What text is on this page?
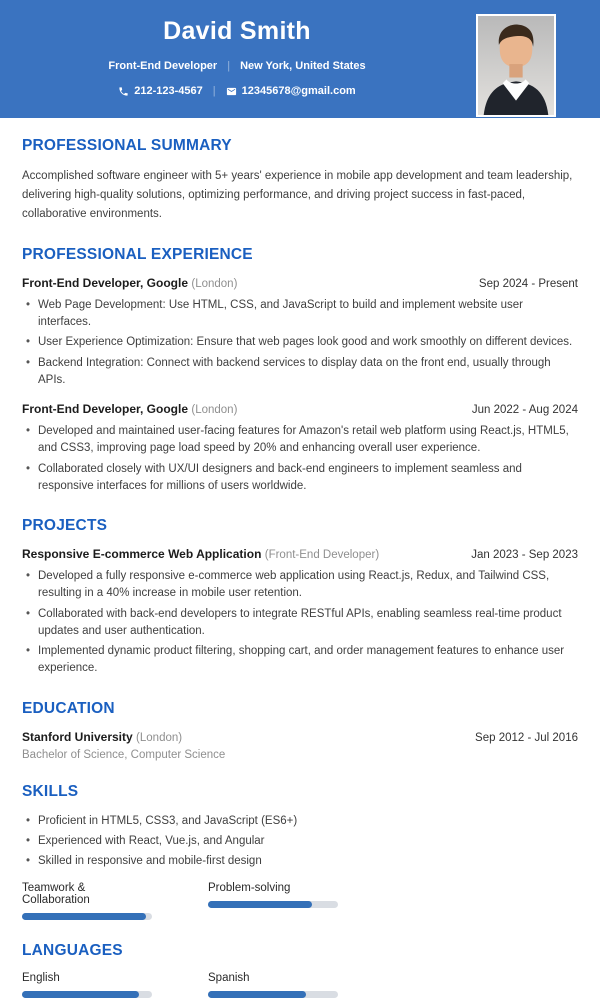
David Smith
Front-End Developer | New York, United States
212-123-4567 | 12345678@gmail.com
PROFESSIONAL SUMMARY

Accomplished software engineer with 5+ years' experience in mobile app development and team leadership, delivering high-quality solutions, optimizing performance, and driving project success in fast-paced, collaborative environments.

PROFESSIONAL EXPERIENCE
Front-End Developer, Google (London)	Sep 2024 - Present
• Web Page Development: Use HTML, CSS, and JavaScript to build and implement website user interfaces.
• User Experience Optimization: Ensure that web pages look good and work smoothly on different devices.
• Backend Integration: Connect with backend services to display data on the front end, usually through APIs.
Front-End Developer, Google (London)	Jun 2022 - Aug 2024
• Developed and maintained user-facing features for Amazon's retail web platform using React.js, HTML5, and CSS3, improving page load speed by 20% and enhancing overall user experience.
• Collaborated closely with UX/UI designers and back-end engineers to implement seamless and responsive interfaces for millions of users worldwide.
PROJECTS
Responsive E-commerce Web Application (Front-End Developer)	Jan 2023 - Sep 2023
• Developed a fully responsive e-commerce web application using React.js, Redux, and Tailwind CSS, resulting in a 40% increase in mobile user retention.
• Collaborated with back-end developers to integrate RESTful APIs, enabling seamless real-time product updates and user authentication.
• Implemented dynamic product filtering, shopping cart, and order management features to enhance user experience.
EDUCATION
Stanford University (London)	Sep 2012 - Jul 2016
Bachelor of Science, Computer Science
SKILLS
• Proficient in HTML5, CSS3, and JavaScript (ES6+)
• Experienced with React, Vue.js, and Angular
• Skilled in responsive and mobile-first design
Teamwork & Collaboration
Problem-solving
LANGUAGES
English	Spanish
